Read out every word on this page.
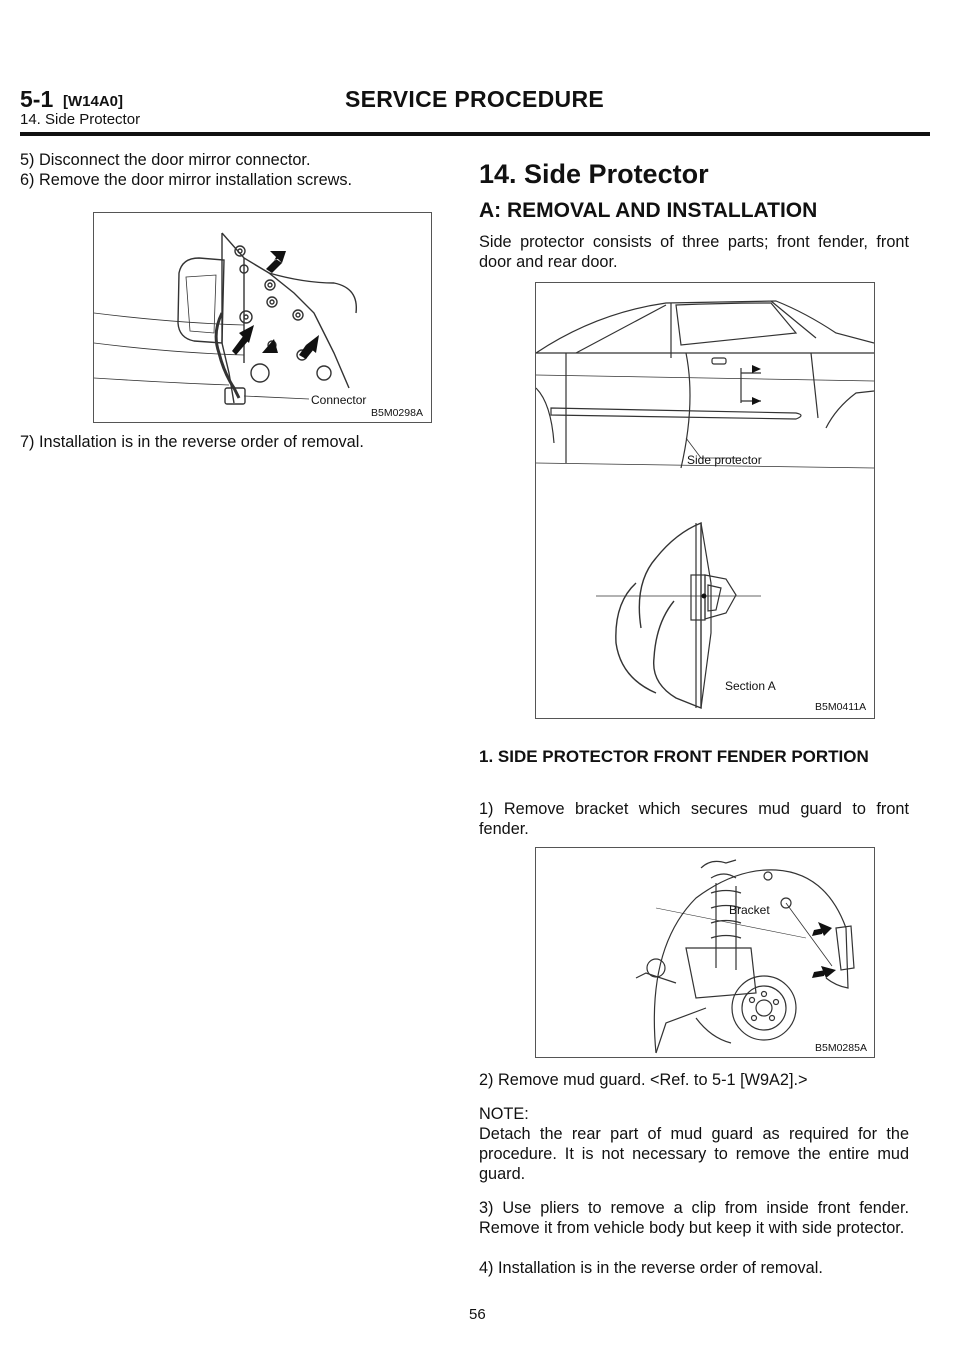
5-1 [W14A0]	SERVICE PROCEDURE
14. Side Protector

5) Disconnect the door mirror connector.

6) Remove the door mirror installation screws.

Connector
B5M0298A

7) Installation is in the reverse order of removal.

14. Side Protector
A: REMOVAL AND INSTALLATION

Side protector consists of three parts; front fender, front door and rear door.

Side protector
Section A
B5M0411A
1. SIDE PROTECTOR FRONT FENDER PORTION

1) Remove bracket which secures mud guard to front fender.

Bracket
B5M0285A

2) Remove mud guard. <Ref. to 5-1 [W9A2].>

NOTE:

Detach the rear part of mud guard as required for the procedure. It is not necessary to remove the entire mud guard.

3) Use pliers to remove a clip from inside front fender. Remove it from vehicle body but keep it with side protector.

4) Installation is in the reverse order of removal.

56
